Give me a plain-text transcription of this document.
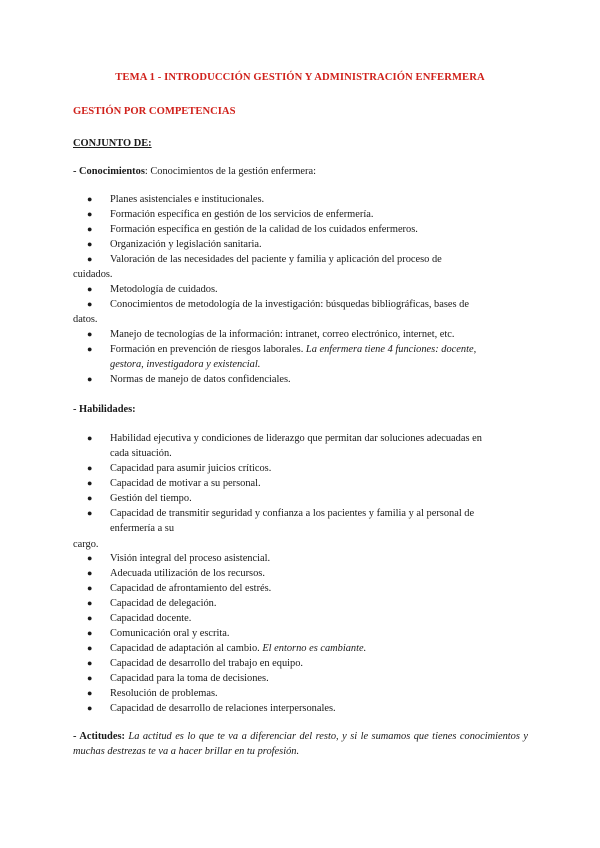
TEMA 1 - INTRODUCCIÓN GESTIÓN Y ADMINISTRACIÓN ENFERMERA
GESTIÓN POR COMPETENCIAS
CONJUNTO DE:
- Conocimientos: Conocimientos de la gestión enfermera:
●	Planes asistenciales e institucionales.
●	Formación específica en gestión de los servicios de enfermería.
●	Formación específica en gestión de la calidad de los cuidados enfermeros.
●	Organización y legislación sanitaria.
●	Valoración de las necesidades del paciente y familia y aplicación del proceso de
cuidados.
●	Metodología de cuidados.
●	Conocimientos de metodología de la investigación: búsquedas bibliográficas, bases de
datos.
●	Manejo de tecnologías de la información: intranet, correo electrónico, internet, etc.
●	Formación en prevención de riesgos laborales. La enfermera tiene 4 funciones: docente,
gestora, investigadora y existencial.
●	Normas de manejo de datos confidenciales.
- Habilidades:
●	Habilidad ejecutiva y condiciones de liderazgo que permitan dar soluciones adecuadas en
cada situación.
●	Capacidad para asumir juicios críticos.
●	Capacidad de motivar a su personal.
●	Gestión del tiempo.
●	Capacidad de transmitir seguridad y confianza a los pacientes y familia y al personal de
enfermería a su
cargo.
●	Visión integral del proceso asistencial.
●	Adecuada utilización de los recursos.
●	Capacidad de afrontamiento del estrés.
●	Capacidad de delegación.
●	Capacidad docente.
●	Comunicación oral y escrita.
●	Capacidad de adaptación al cambio. El entorno es cambiante.
●	Capacidad de desarrollo del trabajo en equipo.
●	Capacidad para la toma de decisiones.
●	Resolución de problemas.
●	Capacidad de desarrollo de relaciones interpersonales.
- Actitudes: La actitud es lo que te va a diferenciar del resto, y si le sumamos que tienes conocimientos y muchas destrezas te va a hacer brillar en tu profesión.
